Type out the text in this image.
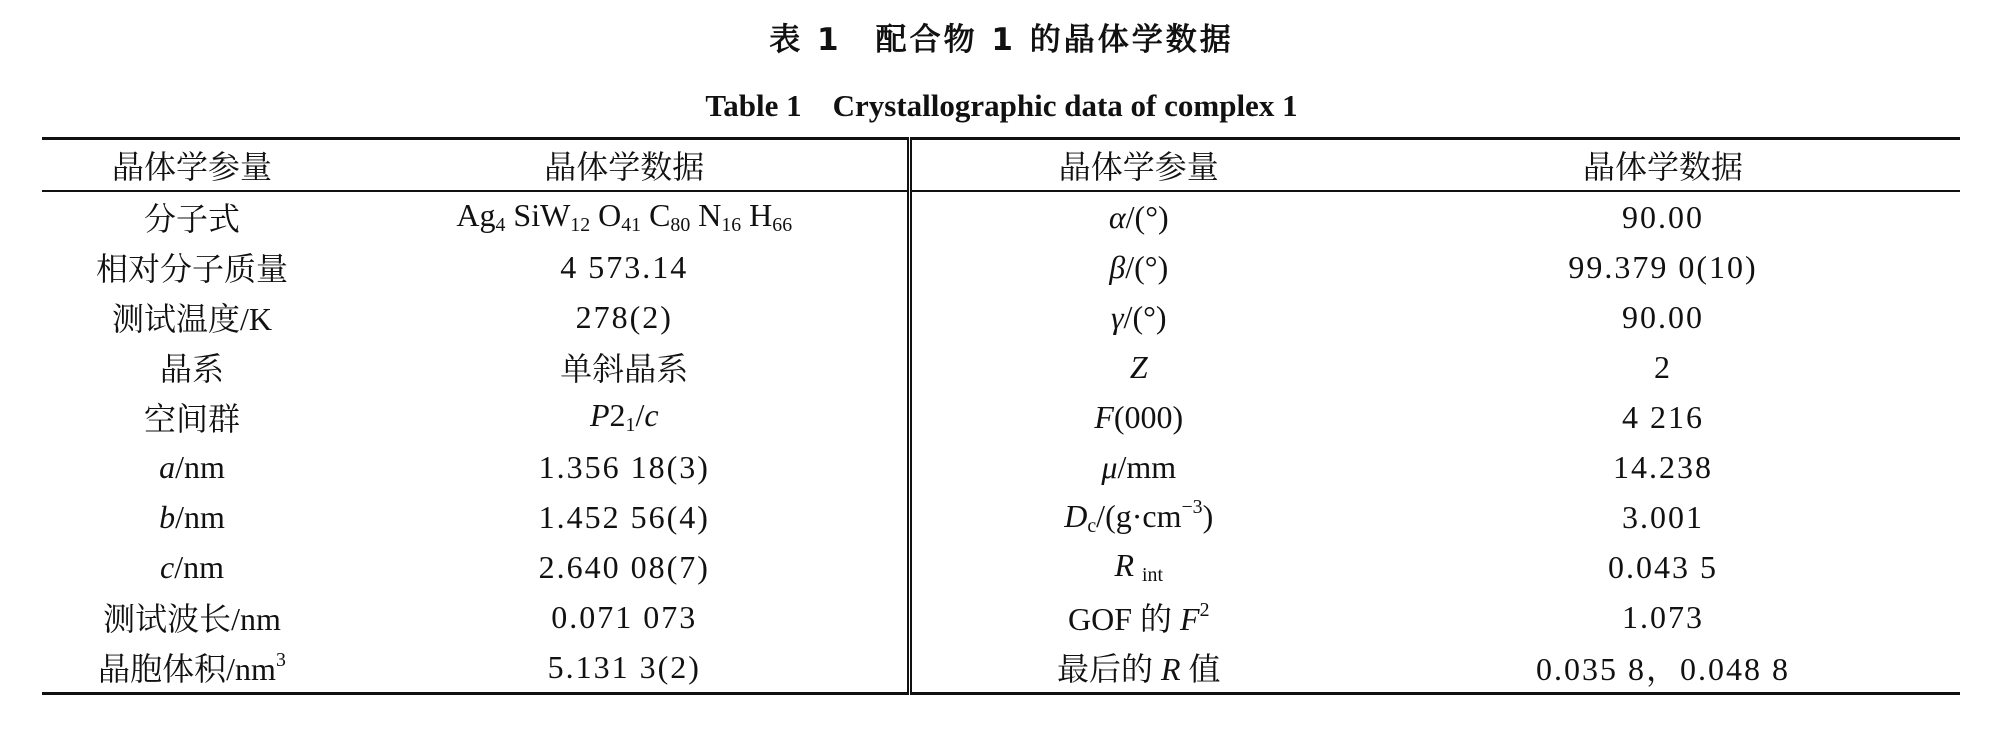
表 1　配合物 1 的晶体学数据
Table 1　Crystallographic data of complex 1
晶体学参量	晶体学数据	晶体学参量	晶体学数据
分子式	$Ag_4$ SiW$_{12}$ $O_{41}$ $C_{80}$ $N_{16}$ $H_{66}$	α/(°)	90.00
相对分子质量	4 573.14	β/(°)	99.379 0(10)
测试温度/K	278(2)	γ/(°)	90.00
晶系	单斜晶系	Z	2
空间群	$P2_1/c$	F(000)	4 216
a/nm	1.356 18(3)	μ/mm	14.238
b/nm	1.452 56(4)	$D_c/(g\cdot cm^{-3})$	3.001
c/nm	2.640 08(7)	R $_{int}$	0.043 5
测试波长/nm	0.071 073	GOF 的 $F^2$	1.073
晶胞体积$/nm^3$	5.131 3(2)	最后的 R 值	0.035 8，0.048 8
